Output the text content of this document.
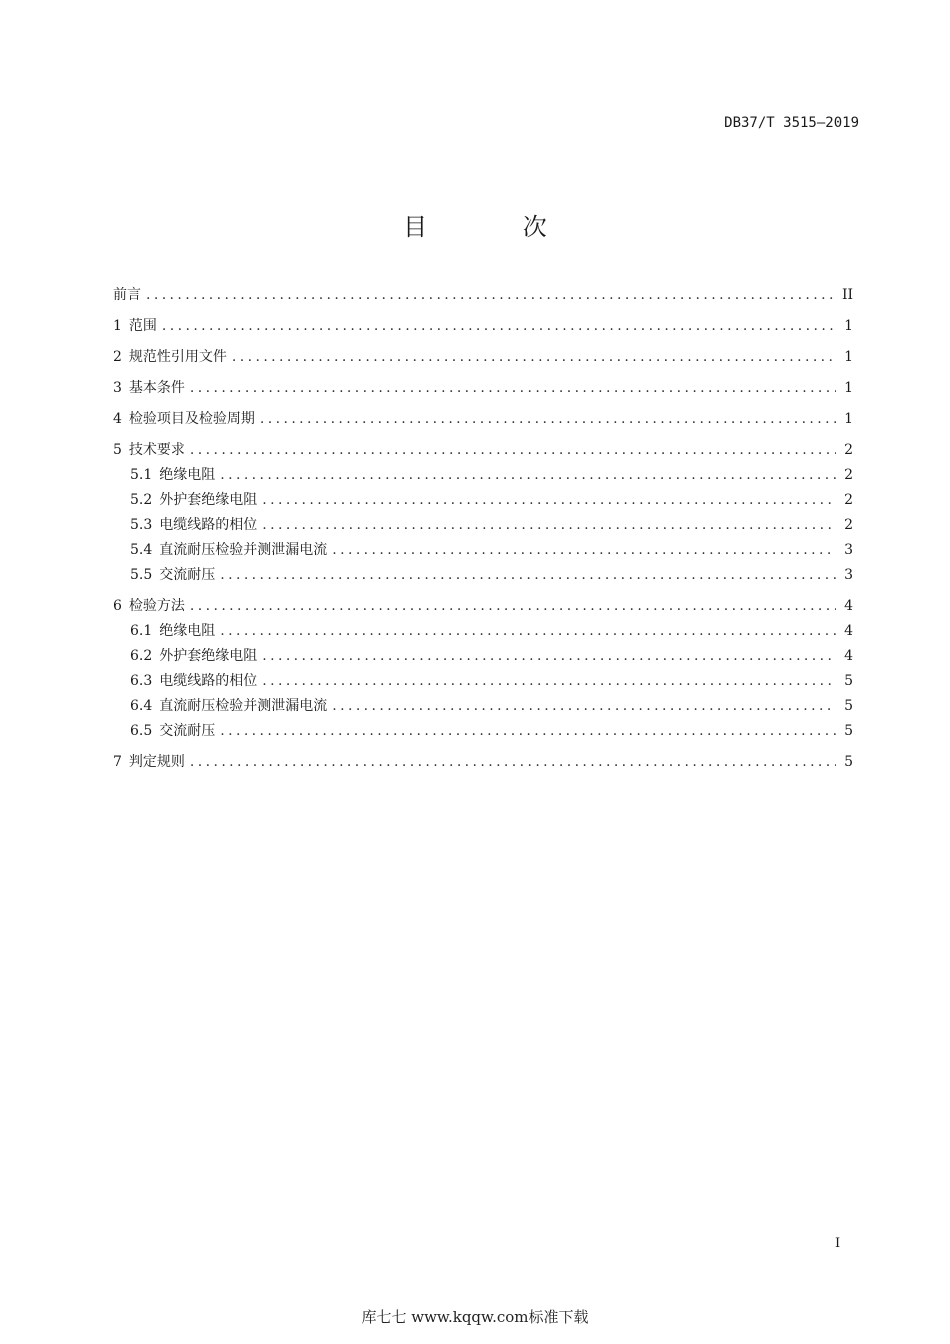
DB37/T 3515—2019
目 次
前言 .....	II
1 范围 .....	1
2 规范性引用文件 .....	1
3 基本条件 .....	1
4 检验项目及检验周期 .....	1
5 技术要求 .....	2
5.1 绝缘电阻 .....	2
5.2 外护套绝缘电阻 .....	2
5.3 电缆线路的相位 .....	2
5.4 直流耐压检验并测泄漏电流 .....	3
5.5 交流耐压 .....	3
6 检验方法 .....	4
6.1 绝缘电阻 .....	4
6.2 外护套绝缘电阻 .....	4
6.3 电缆线路的相位 .....	5
6.4 直流耐压检验并测泄漏电流 .....	5
6.5 交流耐压 .....	5
7 判定规则 .....	5
I
库七七 www.kqqw.com标准下载
